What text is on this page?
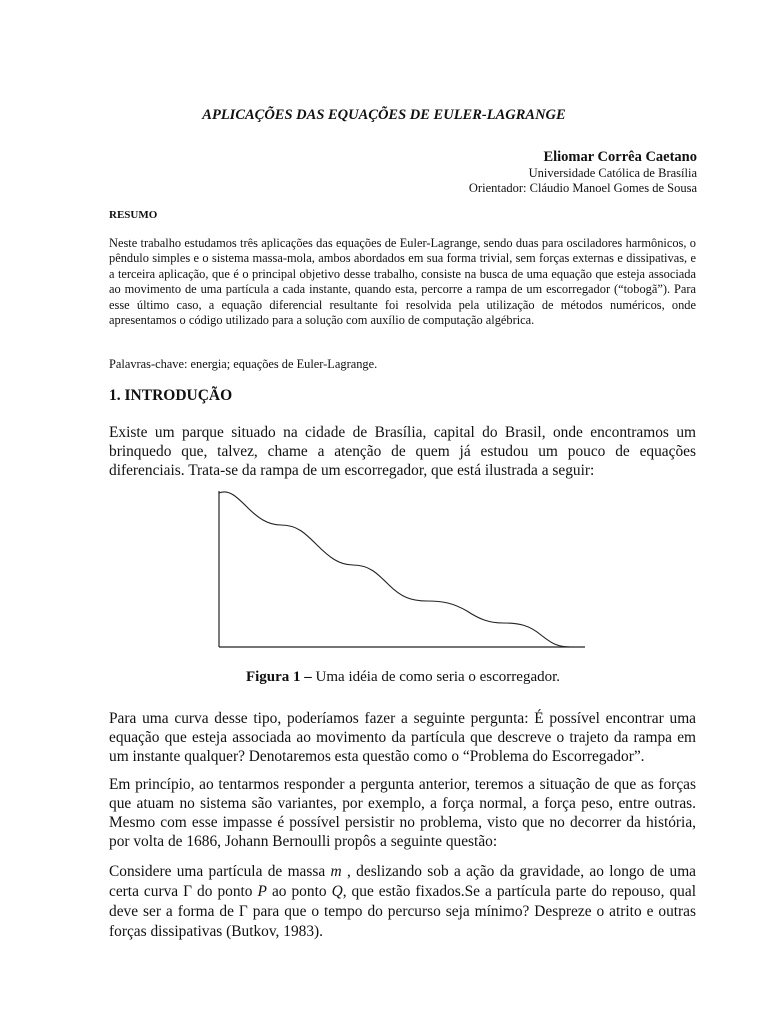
APLICAÇÕES DAS EQUAÇÕES DE EULER-LAGRANGE
Eliomar Corrêa Caetano
Universidade Católica de Brasília
Orientador: Cláudio Manoel Gomes de Sousa
RESUMO

Neste trabalho estudamos três aplicações das equações de Euler-Lagrange, sendo duas para osciladores harmônicos, o pêndulo simples e o sistema massa-mola, ambos abordados em sua forma trivial, sem forças externas e dissipativas, e a terceira aplicação, que é o principal objetivo desse trabalho, consiste na busca de uma equação que esteja associada ao movimento de uma partícula a cada instante, quando esta, percorre a rampa de um escorregador (“tobogã”). Para esse último caso, a equação diferencial resultante foi resolvida pela utilização de métodos numéricos, onde apresentamos o código utilizado para a solução com auxílio de computação algébrica.

Palavras-chave: energia; equações de Euler-Lagrange.

1. INTRODUÇÃO

Existe um parque situado na cidade de Brasília, capital do Brasil, onde encontramos um brinquedo que, talvez, chame a atenção de quem já estudou um pouco de equações diferenciais. Trata-se da rampa de um escorregador, que está ilustrada a seguir:

Figura 1 – Uma idéia de como seria o escorregador.

Para uma curva desse tipo, poderíamos fazer a seguinte pergunta: É possível encontrar uma equação que esteja associada ao movimento da partícula que descreve o trajeto da rampa em um instante qualquer? Denotaremos esta questão como o “Problema do Escorregador”.

Em princípio, ao tentarmos responder a pergunta anterior, teremos a situação de que as forças que atuam no sistema são variantes, por exemplo, a força normal, a força peso, entre outras. Mesmo com esse impasse é possível persistir no problema, visto que no decorrer da história, por volta de 1686, Johann Bernoulli propôs a seguinte questão:

Considere uma partícula de massa m , deslizando sob a ação da gravidade, ao longo de uma certa curva Γ do ponto P ao ponto Q, que estão fixados.Se a partícula parte do repouso, qual deve ser a forma de Γ para que o tempo do percurso seja mínimo? Despreze o atrito e outras forças dissipativas (Butkov, 1983).
